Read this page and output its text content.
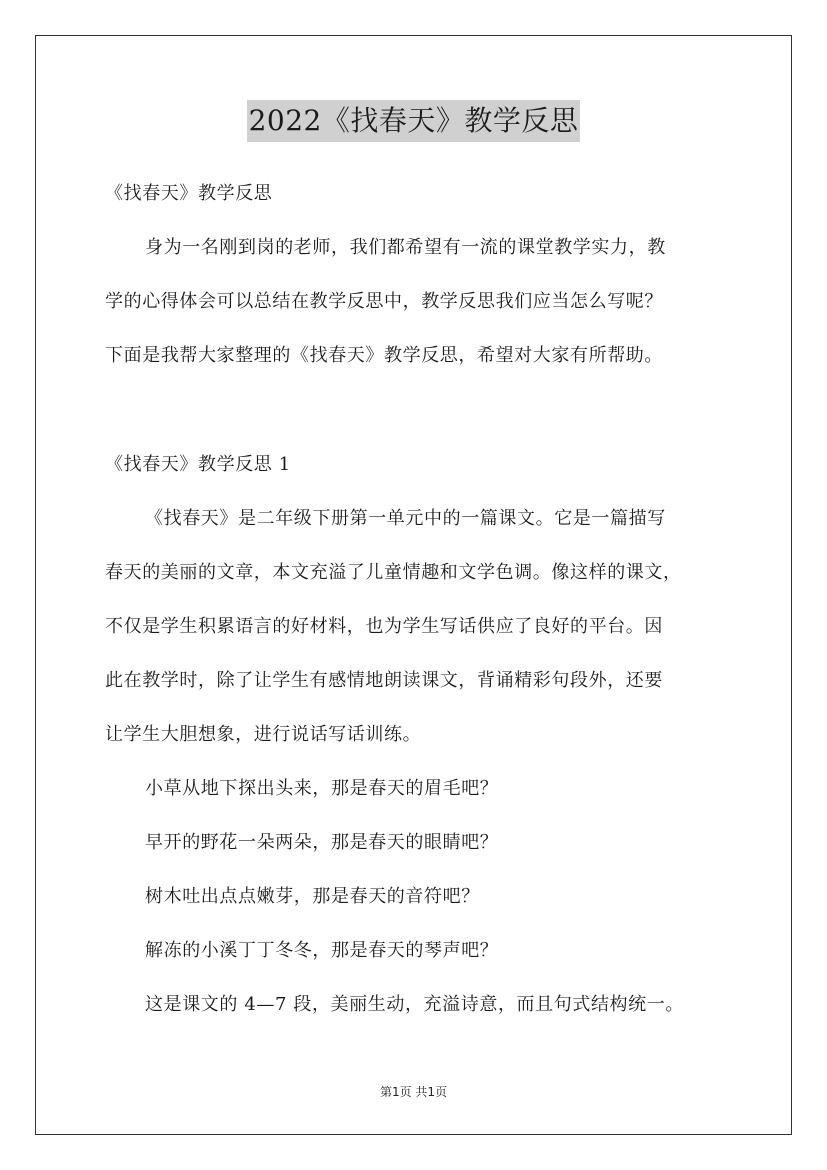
2022《找春天》教学反思
《找春天》教学反思
身为一名刚到岗的老师，我们都希望有一流的课堂教学实力，教
学的心得体会可以总结在教学反思中，教学反思我们应当怎么写呢？
下面是我帮大家整理的《找春天》教学反思，希望对大家有所帮助。
《找春天》教学反思 1
《找春天》是二年级下册第一单元中的一篇课文。它是一篇描写
春天的美丽的文章，本文充溢了儿童情趣和文学色调。像这样的课文，
不仅是学生积累语言的好材料，也为学生写话供应了良好的平台。因
此在教学时，除了让学生有感情地朗读课文，背诵精彩句段外，还要
让学生大胆想象，进行说话写话训练。
小草从地下探出头来，那是春天的眉毛吧？
早开的野花一朵两朵，那是春天的眼睛吧？
树木吐出点点嫩芽，那是春天的音符吧？
解冻的小溪丁丁冬冬，那是春天的琴声吧？
这是课文的 4—7 段，美丽生动，充溢诗意，而且句式结构统一。
第1页 共1页
